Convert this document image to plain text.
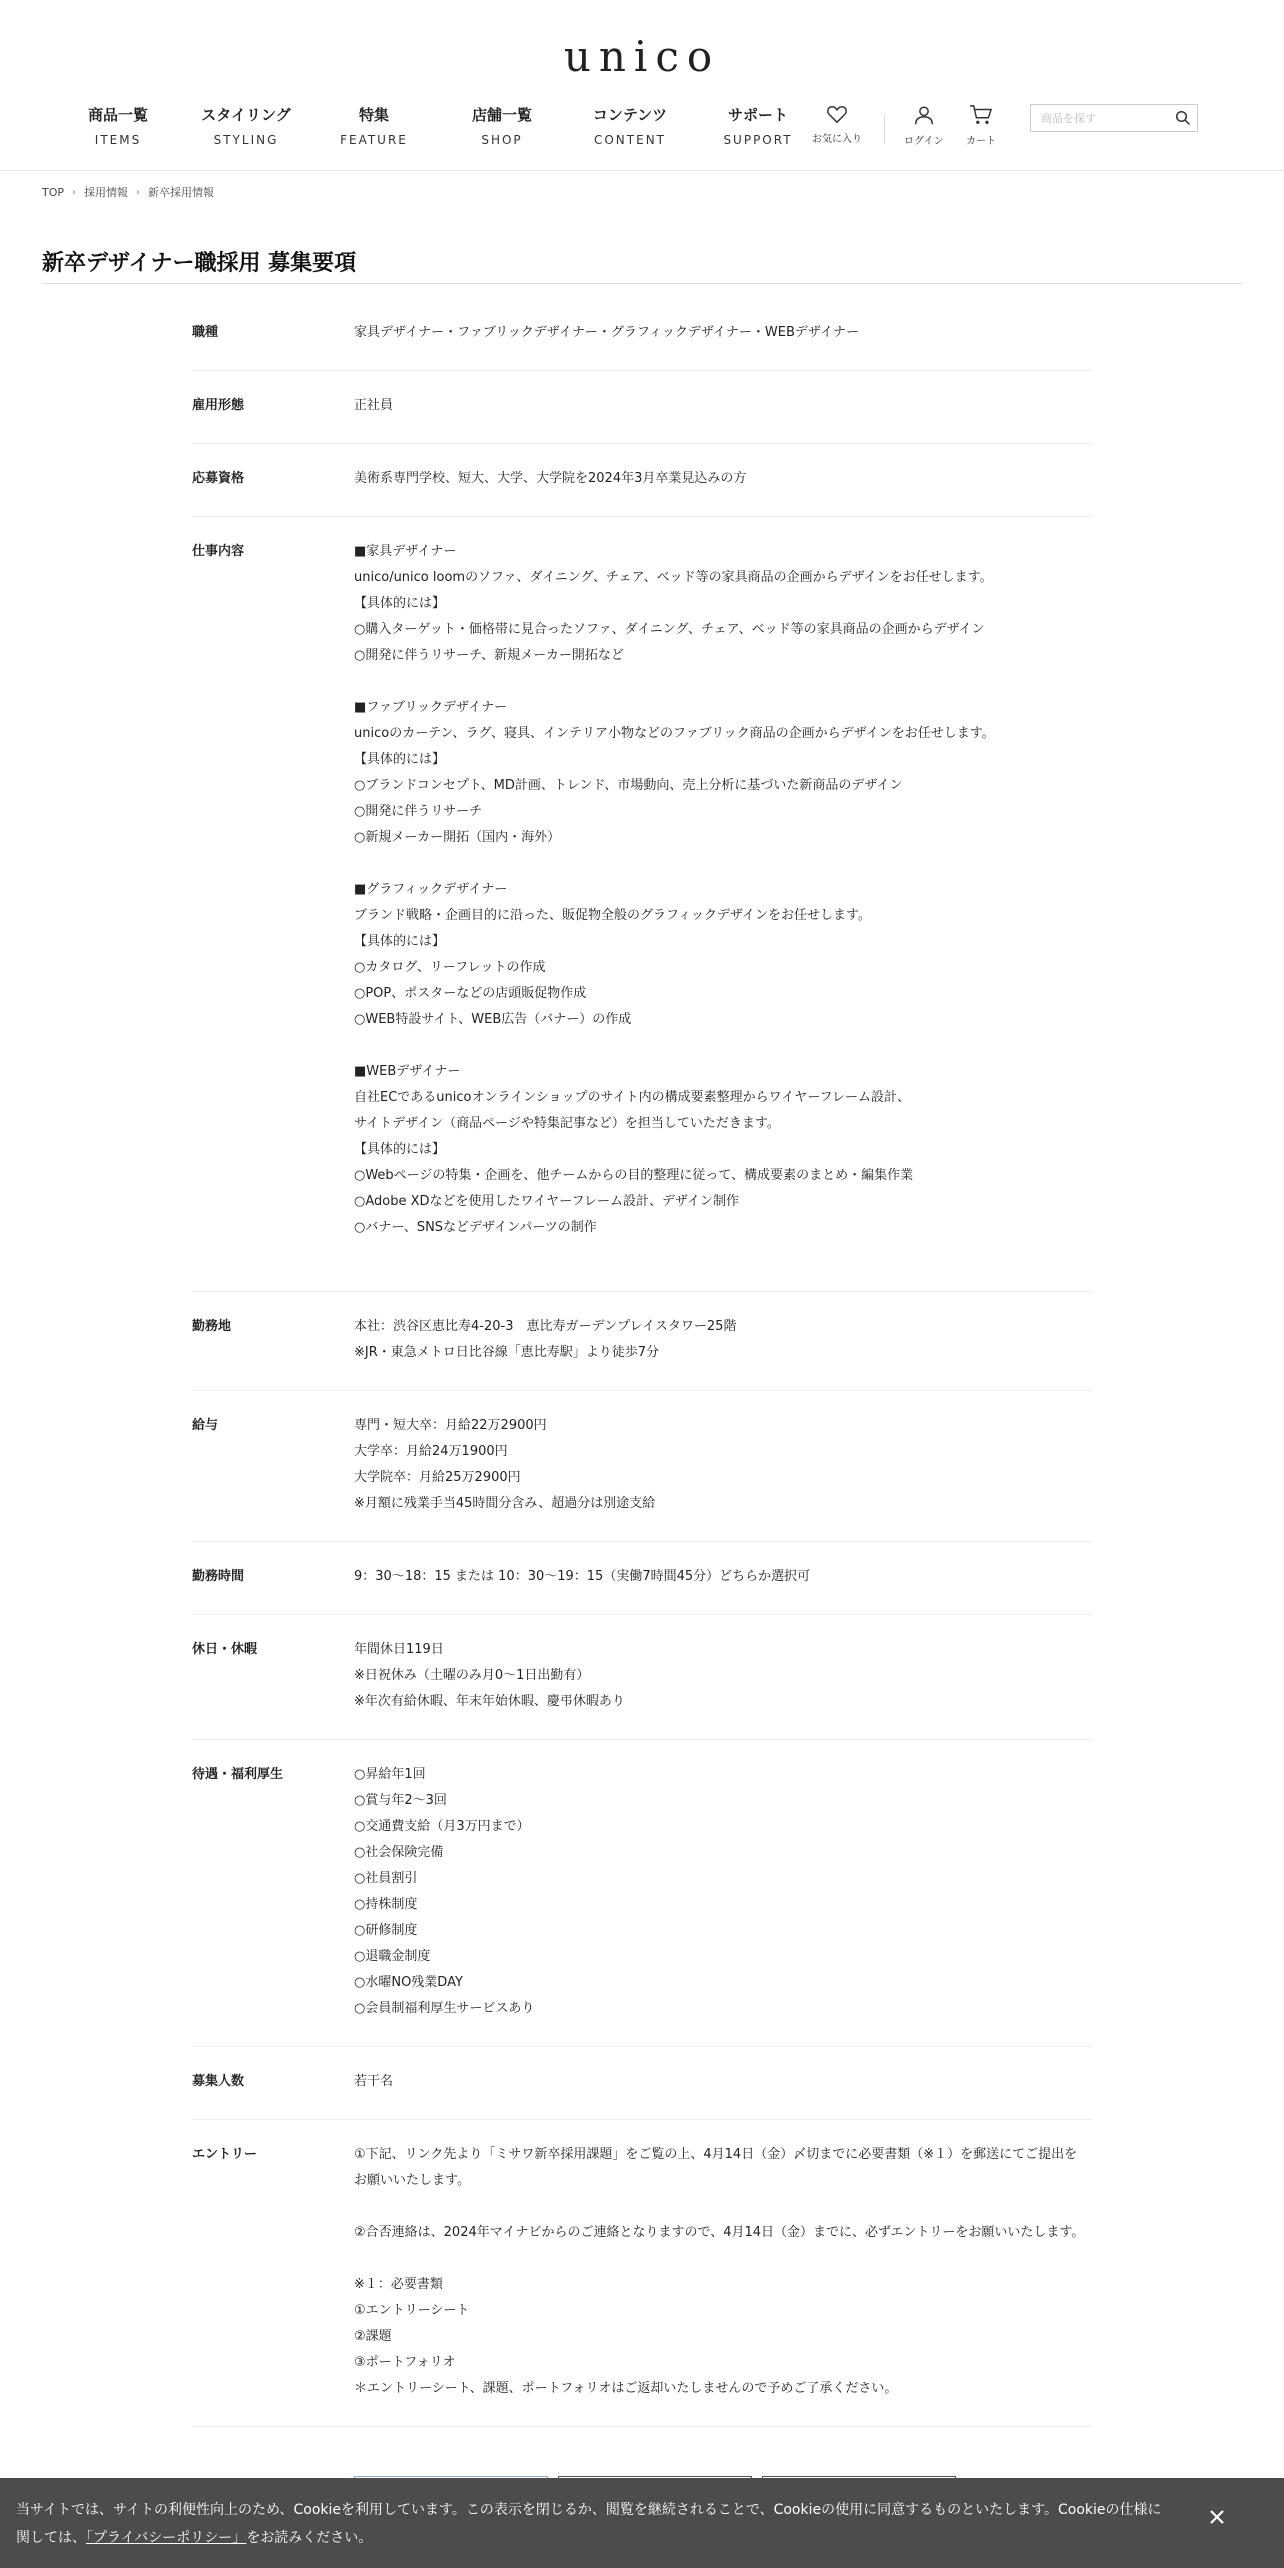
unico
商品一覧
ITEMS
スタイリング
STYLING
特集
FEATURE
店舗一覧
SHOP
コンテンツ
CONTENT
サポート
SUPPORT	お気に入り	ログイン カート
商品を探す
TOP › 採用情報 › 新卒採用情報
新卒デザイナー職採用 募集要項
職種	家具デザイナー・ファブリックデザイナー・グラフィックデザイナー・WEBデザイナー
雇用形態	正社員
応募資格	美術系専門学校、短大、大学、大学院を2024年3月卒業見込みの方
仕事内容	■家具デザイナー
unico/unico loomのソファ、ダイニング、チェア、ベッド等の家具商品の企画からデザインをお任せします。
【具体的には】
○購入ターゲット・価格帯に見合ったソファ、ダイニング、チェア、ベッド等の家具商品の企画からデザイン
○開発に伴うリサーチ、新規メーカー開拓など
■ファブリックデザイナー
unicoのカーテン、ラグ、寝具、インテリア小物などのファブリック商品の企画からデザインをお任せします。
【具体的には】
○ブランドコンセプト、MD計画、トレンド、市場動向、売上分析に基づいた新商品のデザイン
○開発に伴うリサーチ
○新規メーカー開拓（国内・海外）
■グラフィックデザイナー
ブランド戦略・企画目的に沿った、販促物全般のグラフィックデザインをお任せします。
【具体的には】
○カタログ、リーフレットの作成
○POP、ポスターなどの店頭販促物作成
○WEB特設サイト、WEB広告（バナー）の作成
■WEBデザイナー
自社ECであるunicoオンラインショップのサイト内の構成要素整理からワイヤーフレーム設計、
サイトデザイン（商品ページや特集記事など）を担当していただきます。
【具体的には】
○Webページの特集・企画を、他チームからの目的整理に従って、構成要素のまとめ・編集作業
○Adobe XDなどを使用したワイヤーフレーム設計、デザイン制作
○バナー、SNSなどデザインパーツの制作
勤務地	本社：渋谷区恵比寿4-20-3　恵比寿ガーデンプレイスタワー25階
※JR・東急メトロ日比谷線「恵比寿駅」より徒歩7分
給与	専門・短大卒：月給22万2900円
大学卒：月給24万1900円
大学院卒：月給25万2900円
※月額に残業手当45時間分含み、超過分は別途支給
勤務時間	9：30～18：15 または 10：30～19：15（実働7時間45分）どちらか選択可
休日・休暇	年間休日119日
※日祝休み（土曜のみ月0～1日出勤有）
※年次有給休暇、年末年始休暇、慶弔休暇あり
待遇・福利厚生	○昇給年1回
○賞与年2～3回
○交通費支給（月3万円まで）
○社会保険完備
○社員割引
○持株制度
○研修制度
○退職金制度
○水曜NO残業DAY
○会員制福利厚生サービスあり
募集人数	若干名
エントリー	①下記、リンク先より「ミサワ新卒採用課題」をご覧の上、4月14日（金）〆切までに必要書類（※１）を郵送にてご提出を
お願いいたします。
②合否連絡は、2024年マイナビからのご連絡となりますので、4月14日（金）までに、必ずエントリーをお願いいたします。
※１：必要書類
①エントリーシート
②課題
③ポートフォリオ
＊エントリーシート、課題、ポートフォリオはご返却いたしませんので予めご了承ください。
当サイトでは、サイトの利便性向上のため、Cookieを利用しています。この表示を閉じるか、閲覧を継続されることで、Cookieの使用に同意するものといたします。Cookieの仕様に
関しては、「プライバシーポリシー」をお読みください。
